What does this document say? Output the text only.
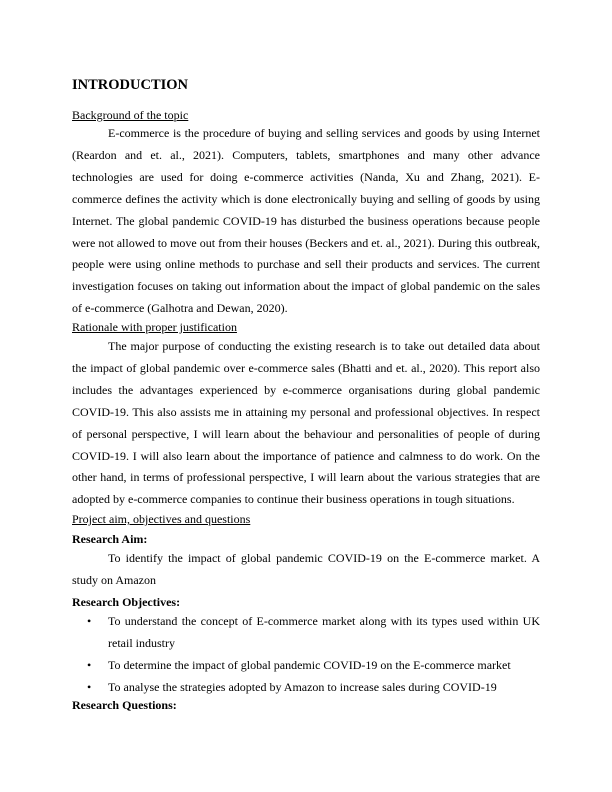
INTRODUCTION

Background of the topic

E-commerce is the procedure of buying and selling services and goods by using Internet (Reardon and et. al., 2021). Computers, tablets, smartphones and many other advance technologies are used for doing e-commerce activities (Nanda, Xu and Zhang, 2021). E-commerce defines the activity which is done electronically buying and selling of goods by using Internet. The global pandemic COVID-19 has disturbed the business operations because people were not allowed to move out from their houses (Beckers and et. al., 2021). During this outbreak, people were using online methods to purchase and sell their products and services. The current investigation focuses on taking out information about the impact of global pandemic on the sales of e-commerce (Galhotra and Dewan, 2020).

Rationale with proper justification

The major purpose of conducting the existing research is to take out detailed data about the impact of global pandemic over e-commerce sales (Bhatti and et. al., 2020). This report also includes the advantages experienced by e-commerce organisations during global pandemic COVID-19. This also assists me in attaining my personal and professional objectives. In respect of personal perspective, I will learn about the behaviour and personalities of people of during COVID-19. I will also learn about the importance of patience and calmness to do work. On the other hand, in terms of professional perspective, I will learn about the various strategies that are adopted by e-commerce companies to continue their business operations in tough situations.

Project aim, objectives and questions

Research Aim:

To identify the impact of global pandemic COVID-19 on the E-commerce market. A study on Amazon

Research Objectives:

• To understand the concept of E-commerce market along with its types used within UK retail industry
• To determine the impact of global pandemic COVID-19 on the E-commerce market
• To analyse the strategies adopted by Amazon to increase sales during COVID-19

Research Questions:
